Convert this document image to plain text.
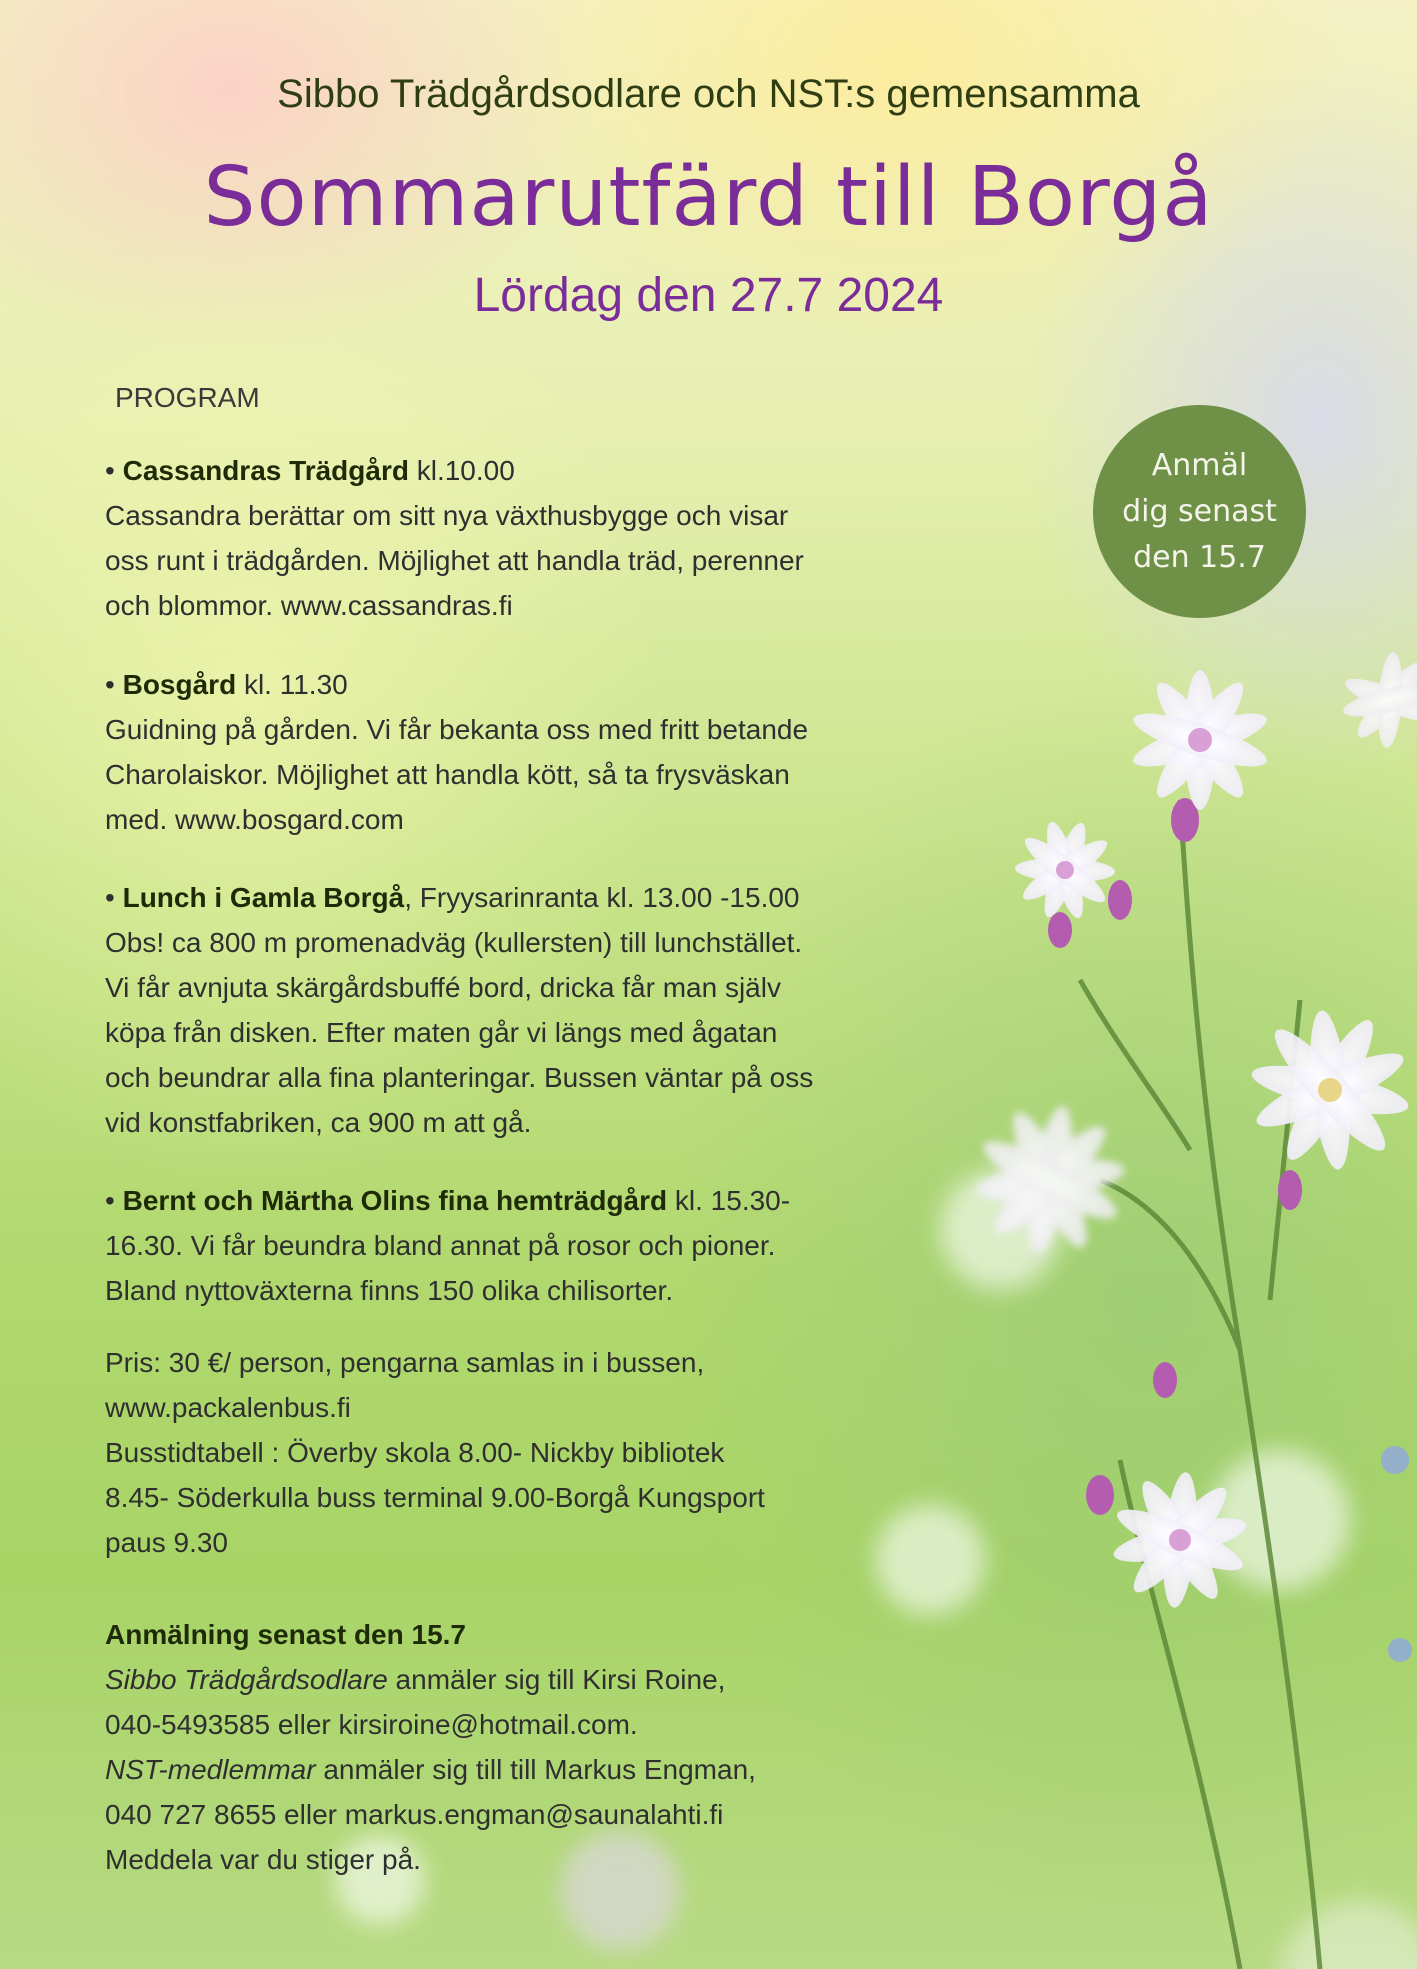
Sibbo Trädgårdsodlare och NST:s gemensamma
Sommarutfärd till Borgå
Lördag den 27.7 2024
Anmäl
dig senast
den 15.7
PROGRAM

• Cassandras Trädgård kl.10.00

Cassandra berättar om sitt nya växthusbygge och visar

oss runt i trädgården. Möjlighet att handla träd, perenner

och blommor. www.cassandras.fi

• Bosgård kl. 11.30

Guidning på gården. Vi får bekanta oss med fritt betande

Charolaiskor. Möjlighet att handla kött, så ta frysväskan

med. www.bosgard.com

• Lunch i Gamla Borgå, Fryysarinranta kl. 13.00 -15.00

Obs! ca 800 m promenadväg (kullersten) till lunchstället.

Vi får avnjuta skärgårdsbuffé bord, dricka får man själv

köpa från disken. Efter maten går vi längs med ågatan

och beundrar alla fina planteringar. Bussen väntar på oss

vid konstfabriken, ca 900 m att gå.

• Bernt och Märtha Olins fina hemträdgård kl. 15.30-

16.30. Vi får beundra bland annat på rosor och pioner.

Bland nyttoväxterna finns 150 olika chilisorter.

Pris: 30 €/ person, pengarna samlas in i bussen,

www.packalenbus.fi

Busstidtabell : Överby skola 8.00- Nickby bibliotek

8.45- Söderkulla buss terminal 9.00-Borgå Kungsport

paus 9.30

Anmälning senast den 15.7

Sibbo Trädgårdsodlare anmäler sig till Kirsi Roine,

040-5493585 eller kirsiroine@hotmail.com.

NST-medlemmar anmäler sig till till Markus Engman,

040 727 8655 eller markus.engman@saunalahti.fi

Meddela var du stiger på.
